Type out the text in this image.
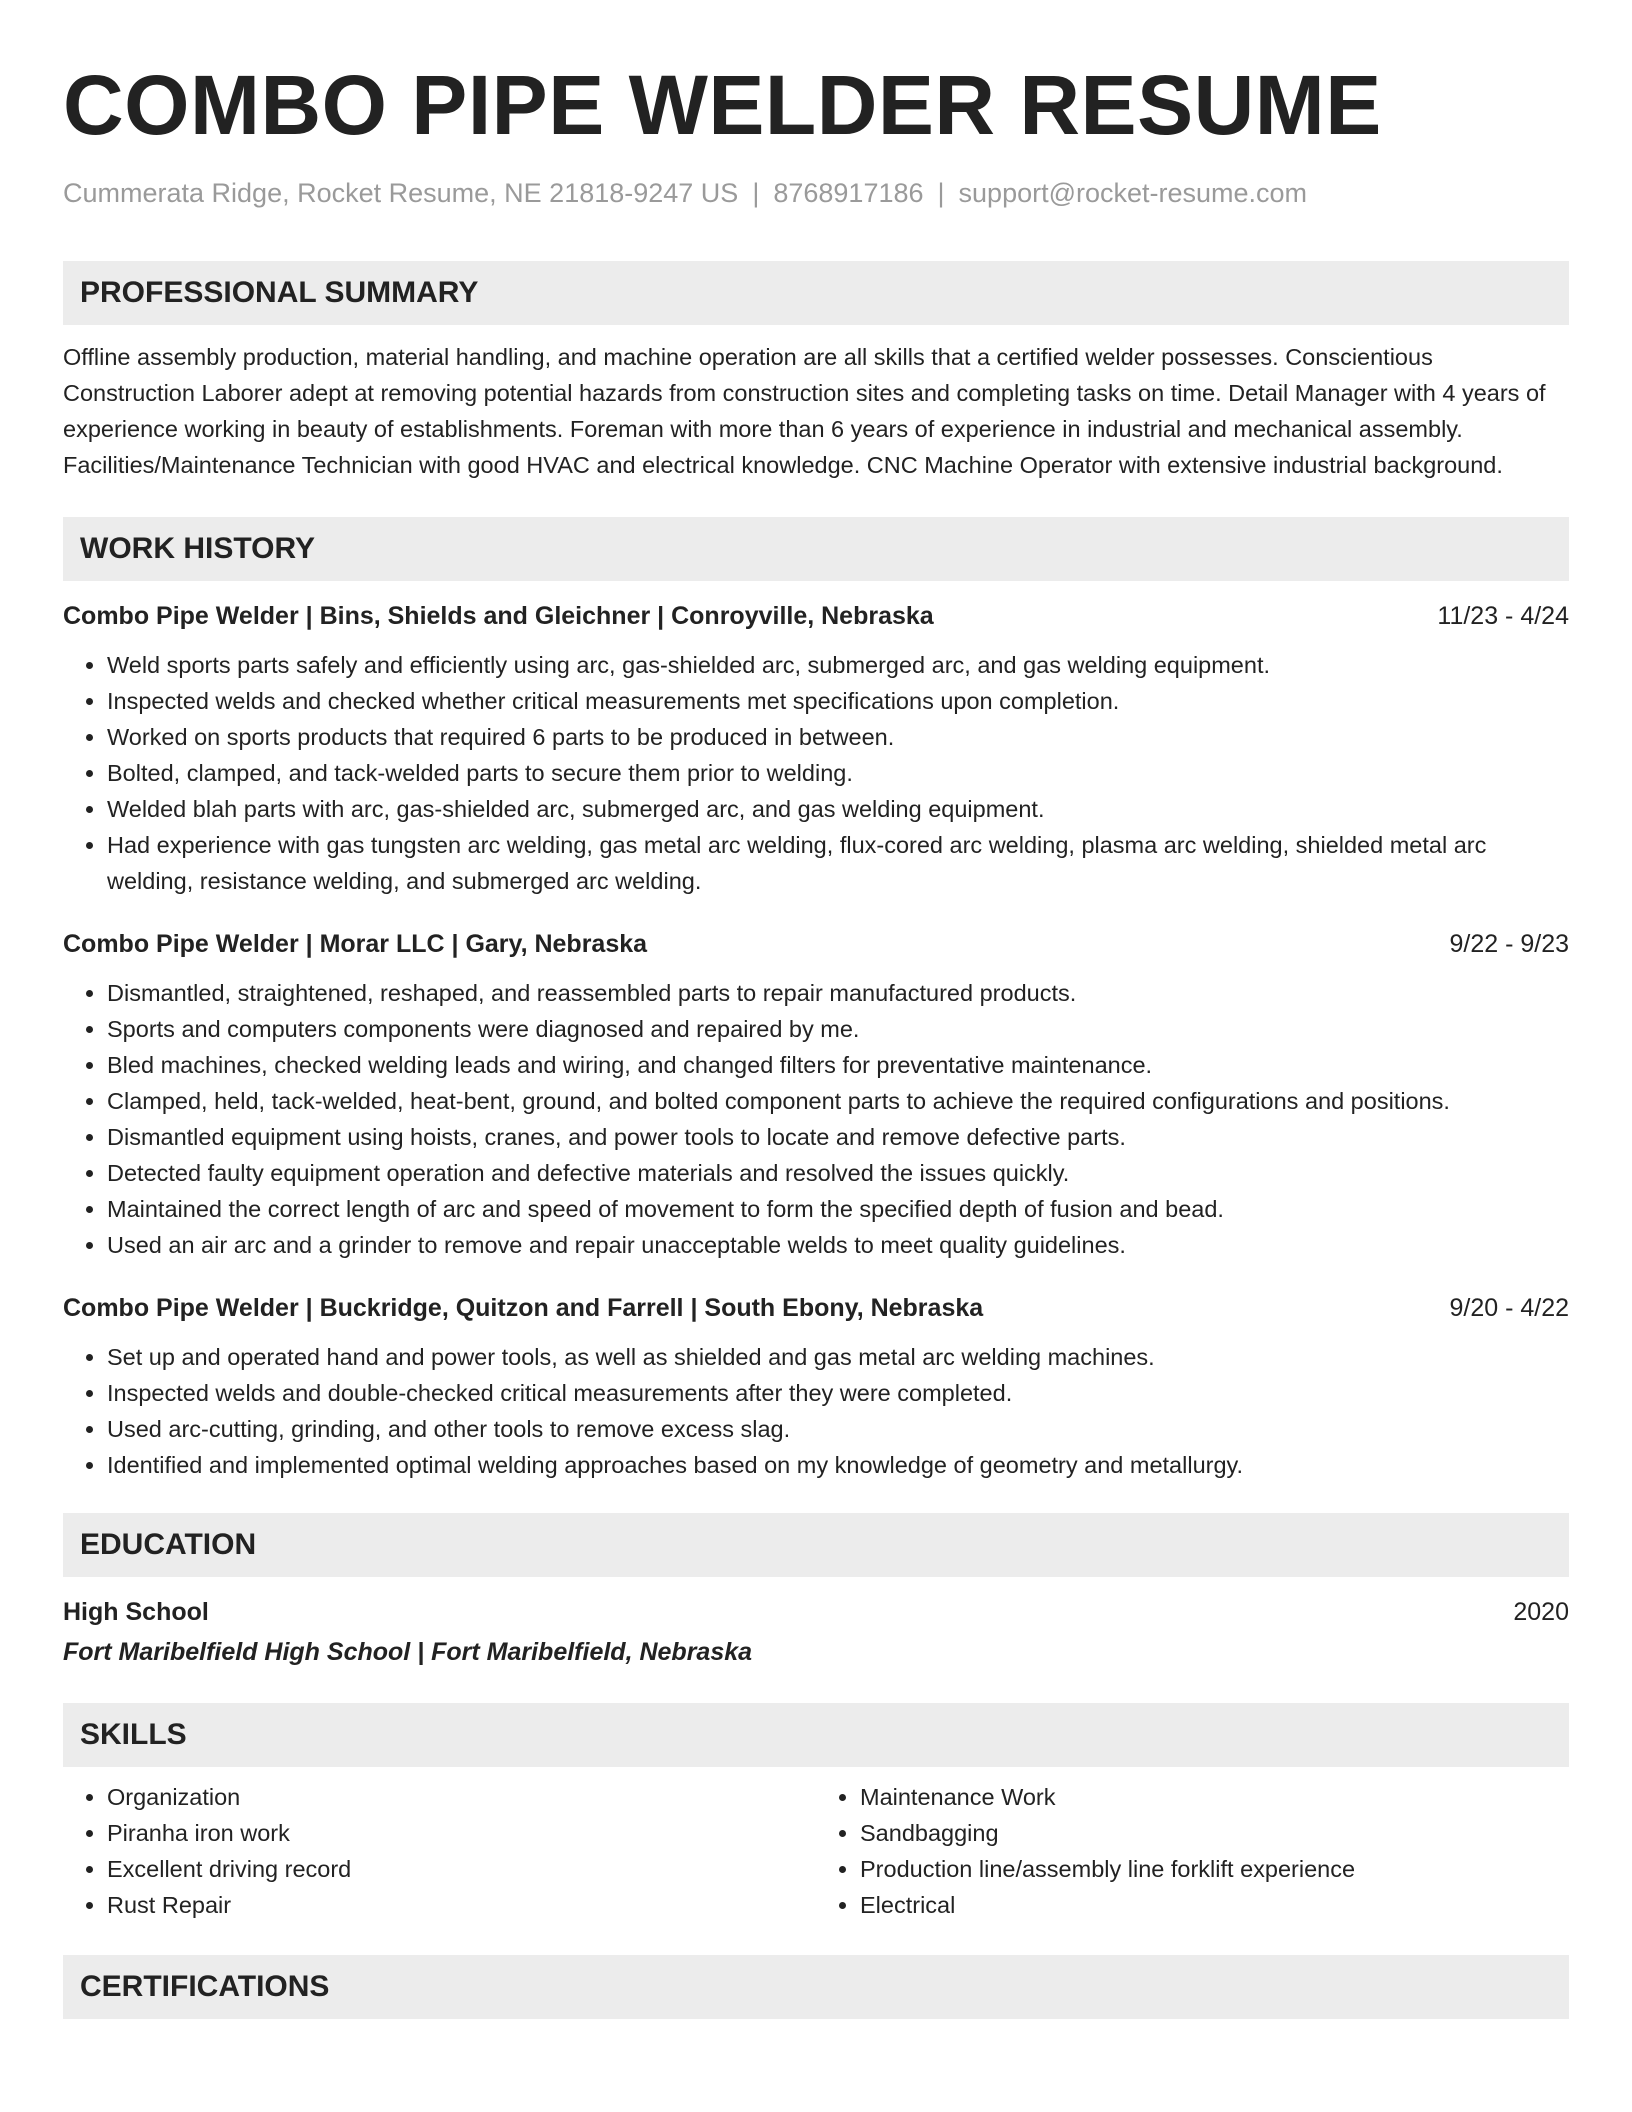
COMBO PIPE WELDER RESUME
Cummerata Ridge, Rocket Resume, NE 21818-9247 US | 8768917186 | support@rocket-resume.com
PROFESSIONAL SUMMARY

Offline assembly production, material handling, and machine operation are all skills that a certified welder possesses. Conscientious Construction Laborer adept at removing potential hazards from construction sites and completing tasks on time. Detail Manager with 4 years of experience working in beauty of establishments. Foreman with more than 6 years of experience in industrial and mechanical assembly. Facilities/Maintenance Technician with good HVAC and electrical knowledge. CNC Machine Operator with extensive industrial background.

WORK HISTORY
Combo Pipe Welder | Bins, Shields and Gleichner | Conroyville, Nebraska	11/23 - 4/24
• Weld sports parts safely and efficiently using arc, gas-shielded arc, submerged arc, and gas welding equipment.
• Inspected welds and checked whether critical measurements met specifications upon completion.
• Worked on sports products that required 6 parts to be produced in between.
• Bolted, clamped, and tack-welded parts to secure them prior to welding.
• Welded blah parts with arc, gas-shielded arc, submerged arc, and gas welding equipment.
• Had experience with gas tungsten arc welding, gas metal arc welding, flux-cored arc welding, plasma arc welding, shielded metal arc welding, resistance welding, and submerged arc welding.
Combo Pipe Welder | Morar LLC | Gary, Nebraska	9/22 - 9/23
• Dismantled, straightened, reshaped, and reassembled parts to repair manufactured products.
• Sports and computers components were diagnosed and repaired by me.
• Bled machines, checked welding leads and wiring, and changed filters for preventative maintenance.
• Clamped, held, tack-welded, heat-bent, ground, and bolted component parts to achieve the required configurations and positions.
• Dismantled equipment using hoists, cranes, and power tools to locate and remove defective parts.
• Detected faulty equipment operation and defective materials and resolved the issues quickly.
• Maintained the correct length of arc and speed of movement to form the specified depth of fusion and bead.
• Used an air arc and a grinder to remove and repair unacceptable welds to meet quality guidelines.
Combo Pipe Welder | Buckridge, Quitzon and Farrell | South Ebony, Nebraska	9/20 - 4/22
• Set up and operated hand and power tools, as well as shielded and gas metal arc welding machines.
• Inspected welds and double-checked critical measurements after they were completed.
• Used arc-cutting, grinding, and other tools to remove excess slag.
• Identified and implemented optimal welding approaches based on my knowledge of geometry and metallurgy.
EDUCATION
High School	2020
Fort Maribelfield High School | Fort Maribelfield, Nebraska
SKILLS
• Organization
• Piranha iron work
• Excellent driving record
• Rust Repair
• Maintenance Work
• Sandbagging
• Production line/assembly line forklift experience
• Electrical
CERTIFICATIONS
